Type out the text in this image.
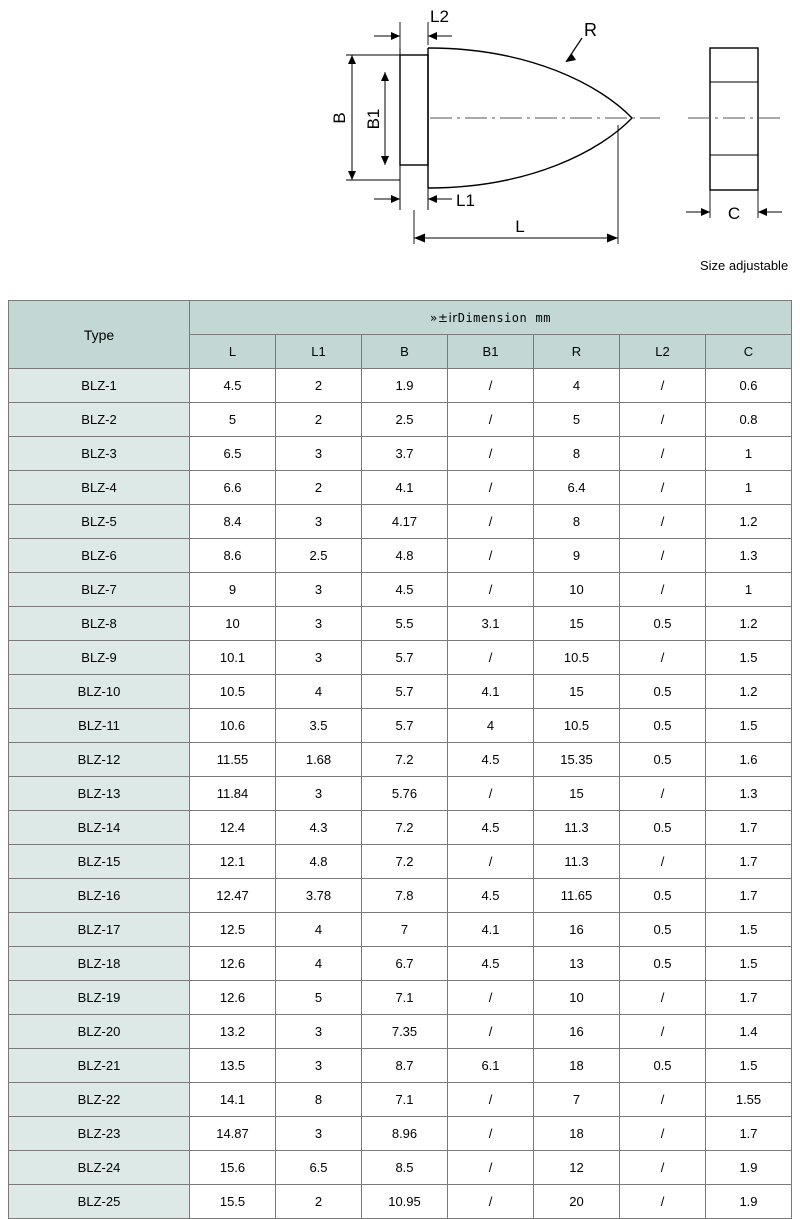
B B1
L2
R
L1
L
C
Size adjustable
Type	»±irDimension mm						
	L	L1	B	B1	R	L2	C
BLZ-1	4.5	2	1.9	/	4	/	0.6
BLZ-2	5	2	2.5	/	5	/	0.8
BLZ-3	6.5	3	3.7	/	8	/	1
BLZ-4	6.6	2	4.1	/	6.4	/	1
BLZ-5	8.4	3	4.17	/	8	/	1.2
BLZ-6	8.6	2.5	4.8	/	9	/	1.3
BLZ-7	9	3	4.5	/	10	/	1
BLZ-8	10	3	5.5	3.1	15	0.5	1.2
BLZ-9	10.1	3	5.7	/	10.5	/	1.5
BLZ-10	10.5	4	5.7	4.1	15	0.5	1.2
BLZ-11	10.6	3.5	5.7	4	10.5	0.5	1.5
BLZ-12	11.55	1.68	7.2	4.5	15.35	0.5	1.6
BLZ-13	11.84	3	5.76	/	15	/	1.3
BLZ-14	12.4	4.3	7.2	4.5	11.3	0.5	1.7
BLZ-15	12.1	4.8	7.2	/	11.3	/	1.7
BLZ-16	12.47	3.78	7.8	4.5	11.65	0.5	1.7
BLZ-17	12.5	4	7	4.1	16	0.5	1.5
BLZ-18	12.6	4	6.7	4.5	13	0.5	1.5
BLZ-19	12.6	5	7.1	/	10	/	1.7
BLZ-20	13.2	3	7.35	/	16	/	1.4
BLZ-21	13.5	3	8.7	6.1	18	0.5	1.5
BLZ-22	14.1	8	7.1	/	7	/	1.55
BLZ-23	14.87	3	8.96	/	18	/	1.7
BLZ-24	15.6	6.5	8.5	/	12	/	1.9
BLZ-25	15.5	2	10.95	/	20	/	1.9
